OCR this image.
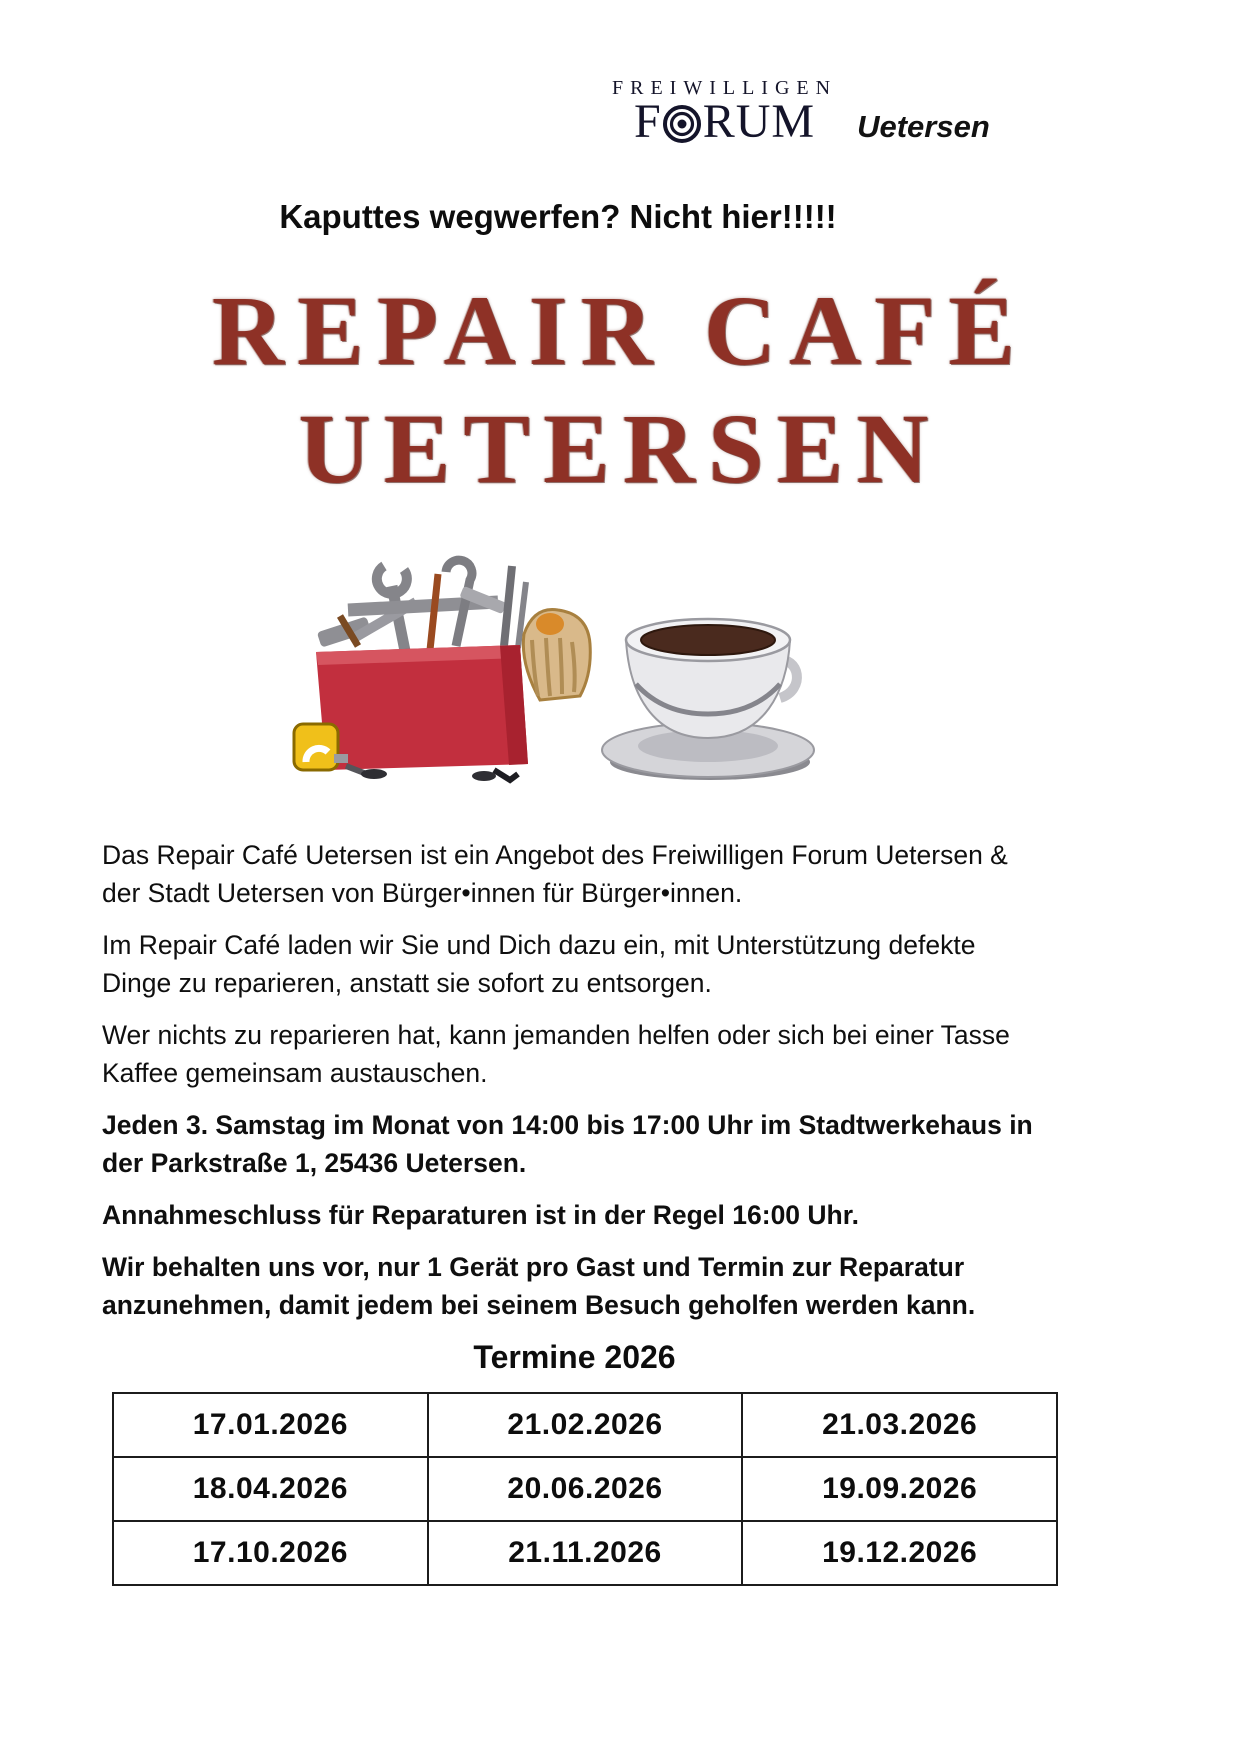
FREIWILLIGEN
F RUM Uetersen
Kaputtes wegwerfen? Nicht hier!!!!!
REPAIR CAFÉ
UETERSEN

Das Repair Café Uetersen ist ein Angebot des Freiwilligen Forum Uetersen & der Stadt Uetersen von Bürger•innen für Bürger•innen.

Im Repair Café laden wir Sie und Dich dazu ein, mit Unterstützung defekte Dinge zu reparieren, anstatt sie sofort zu entsorgen.

Wer nichts zu reparieren hat, kann jemanden helfen oder sich bei einer Tasse Kaffee gemeinsam austauschen.

Jeden 3. Samstag im Monat von 14:00 bis 17:00 Uhr im Stadtwerkehaus in der Parkstraße 1, 25436 Uetersen.

Annahmeschluss für Reparaturen ist in der Regel 16:00 Uhr.

Wir behalten uns vor, nur 1 Gerät pro Gast und Termin zur Reparatur anzunehmen, damit jedem bei seinem Besuch geholfen werden kann.

Termine 2026
17.01.2026	21.02.2026	21.03.2026
18.04.2026	20.06.2026	19.09.2026
17.10.2026	21.11.2026	19.12.2026
